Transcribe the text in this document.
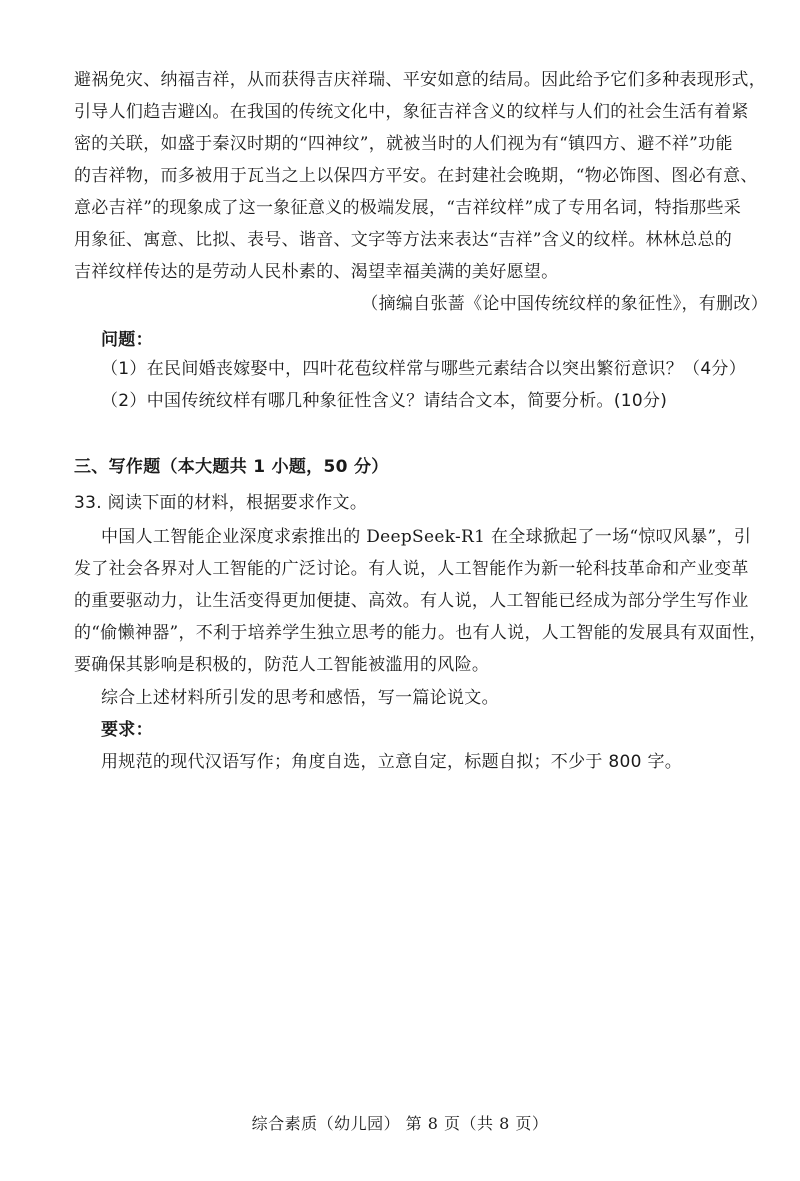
避祸免灾、纳福吉祥，从而获得吉庆祥瑞、平安如意的结局。因此给予它们多种表现形式，
引导人们趋吉避凶。在我国的传统文化中，象征吉祥含义的纹样与人们的社会生活有着紧
密的关联，如盛于秦汉时期的“四神纹”，就被当时的人们视为有“镇四方、避不祥”功能
的吉祥物，而多被用于瓦当之上以保四方平安。在封建社会晚期，“物必饰图、图必有意、
意必吉祥”的现象成了这一象征意义的极端发展，“吉祥纹样”成了专用名词，特指那些采
用象征、寓意、比拟、表号、谐音、文字等方法来表达“吉祥”含义的纹样。林林总总的
吉祥纹样传达的是劳动人民朴素的、渴望幸福美满的美好愿望。
（摘编自张蔷《论中国传统纹样的象征性》，有删改）
问题：
（1）在民间婚丧嫁娶中，四叶花苞纹样常与哪些元素结合以突出繁衍意识？（4分）
（2）中国传统纹样有哪几种象征性含义？请结合文本，简要分析。(10分)
三、写作题（本大题共 1 小题，50 分）
33. 阅读下面的材料，根据要求作文。
中国人工智能企业深度求索推出的 DeepSeek-R1 在全球掀起了一场“惊叹风暴”，引
发了社会各界对人工智能的广泛讨论。有人说，人工智能作为新一轮科技革命和产业变革
的重要驱动力，让生活变得更加便捷、高效。有人说，人工智能已经成为部分学生写作业
的“偷懒神器”，不利于培养学生独立思考的能力。也有人说，人工智能的发展具有双面性，
要确保其影响是积极的，防范人工智能被滥用的风险。
综合上述材料所引发的思考和感悟，写一篇论说文。
要求：
用规范的现代汉语写作；角度自选，立意自定，标题自拟；不少于 800 字。
综合素质（幼儿园） 第 8 页（共 8 页）
